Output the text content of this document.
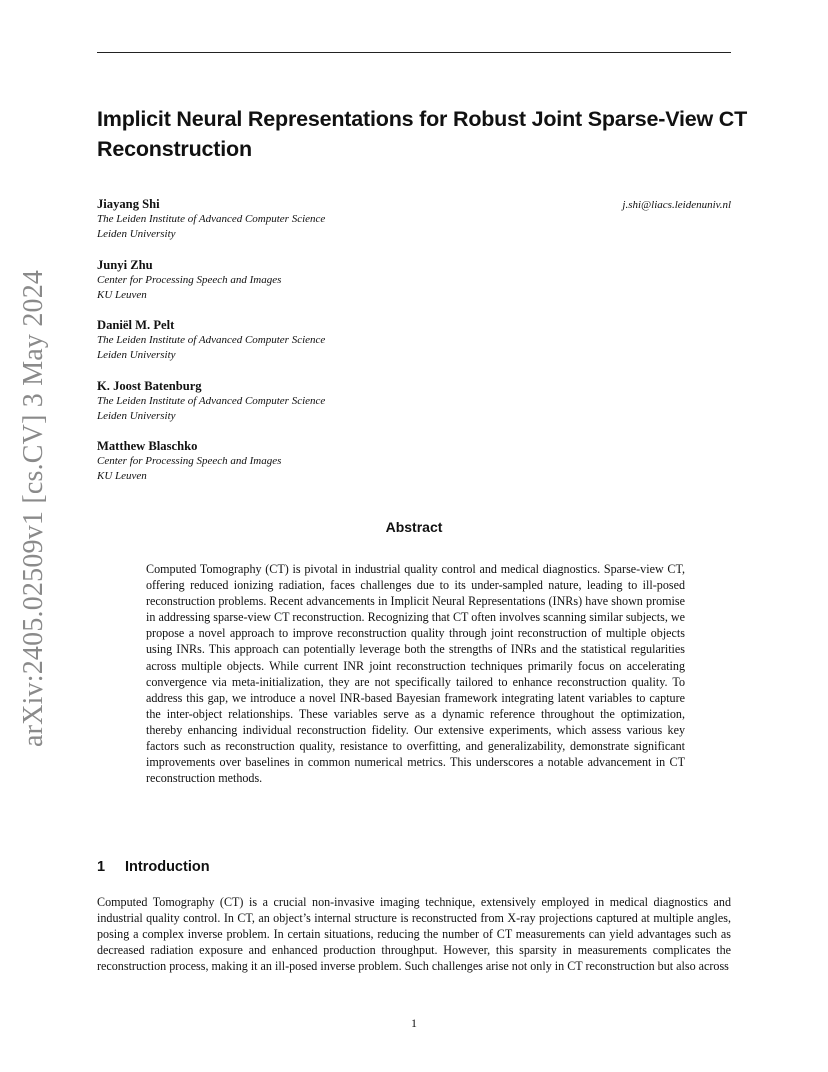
arXiv:2405.02509v1 [cs.CV] 3 May 2024
Implicit Neural Representations for Robust Joint Sparse-View CT Reconstruction
Jiayang Shi
The Leiden Institute of Advanced Computer Science
Leiden University
j.shi@liacs.leidenuniv.nl
Junyi Zhu
Center for Processing Speech and Images
KU Leuven
Daniël M. Pelt
The Leiden Institute of Advanced Computer Science
Leiden University
K. Joost Batenburg
The Leiden Institute of Advanced Computer Science
Leiden University
Matthew Blaschko
Center for Processing Speech and Images
KU Leuven
Abstract

Computed Tomography (CT) is pivotal in industrial quality control and medical diagnostics. Sparse-view CT, offering reduced ionizing radiation, faces challenges due to its under-sampled nature, leading to ill-posed reconstruction problems. Recent advancements in Implicit Neural Representations (INRs) have shown promise in addressing sparse-view CT reconstruction. Recognizing that CT often involves scanning similar subjects, we propose a novel approach to improve reconstruction quality through joint reconstruction of multiple objects using INRs. This approach can potentially leverage both the strengths of INRs and the statistical regularities across multiple objects. While current INR joint reconstruction techniques primarily focus on accelerating convergence via meta-initialization, they are not specifically tailored to enhance reconstruction quality. To address this gap, we introduce a novel INR-based Bayesian framework integrating latent variables to capture the inter-object relationships. These variables serve as a dynamic reference throughout the optimization, thereby enhancing individual reconstruction fidelity. Our extensive experiments, which assess various key factors such as reconstruction quality, resistance to overfitting, and generalizability, demonstrate significant improvements over baselines in common numerical metrics. This underscores a notable advancement in CT reconstruction methods.

1 Introduction

Computed Tomography (CT) is a crucial non-invasive imaging technique, extensively employed in medical diagnostics and industrial quality control. In CT, an object’s internal structure is reconstructed from X-ray projections captured at multiple angles, posing a complex inverse problem. In certain situations, reducing the number of CT measurements can yield advantages such as decreased radiation exposure and enhanced production throughput. However, this sparsity in measurements complicates the reconstruction process, making it an ill-posed inverse problem. Such challenges arise not only in CT reconstruction but also across

1
